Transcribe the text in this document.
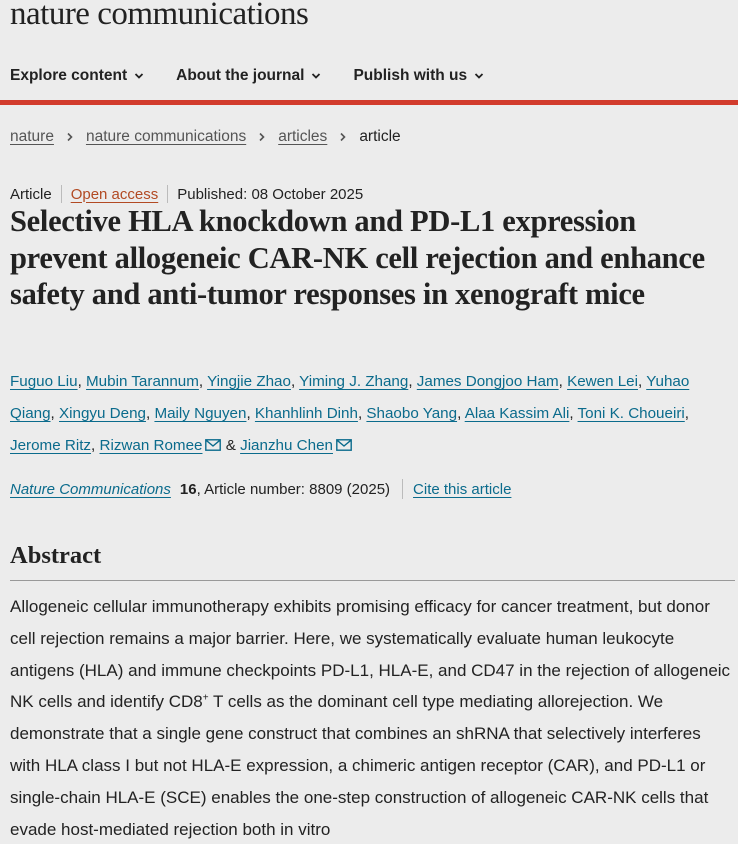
nature communications
Explore content	About the journal	Publish with us
nature nature communications articles article
Article Open access Published: 08 October 2025
Selective HLA knockdown and PD-L1 expression prevent allogeneic CAR-NK cell rejection and enhance safety and anti-tumor responses in xenograft mice
Fuguo Liu, Mubin Tarannum, Yingjie Zhao, Yiming J. Zhang, James Dongjoo Ham, Kewen Lei, Yuhao Qiang, Xingyu Deng, Maily Nguyen, Khanhlinh Dinh, Shaobo Yang, Alaa Kassim Ali, Toni K. Choueiri, Jerome Ritz, Rizwan Romee & Jianzhu Chen
Nature Communications 16 , Article number: 8809 (2025) Cite this article
Abstract

Allogeneic cellular immunotherapy exhibits promising efficacy for cancer treatment, but donor cell rejection remains a major barrier. Here, we systematically evaluate human leukocyte antigens (HLA) and immune checkpoints PD-L1, HLA-E, and CD47 in the rejection of allogeneic NK cells and identify CD8+ T cells as the dominant cell type mediating allorejection. We demonstrate that a single gene construct that combines an shRNA that selectively interferes with HLA class I but not HLA-E expression, a chimeric antigen receptor (CAR), and PD-L1 or single-chain HLA-E (SCE) enables the one-step construction of allogeneic CAR-NK cells that evade host-mediated rejection both in vitro
